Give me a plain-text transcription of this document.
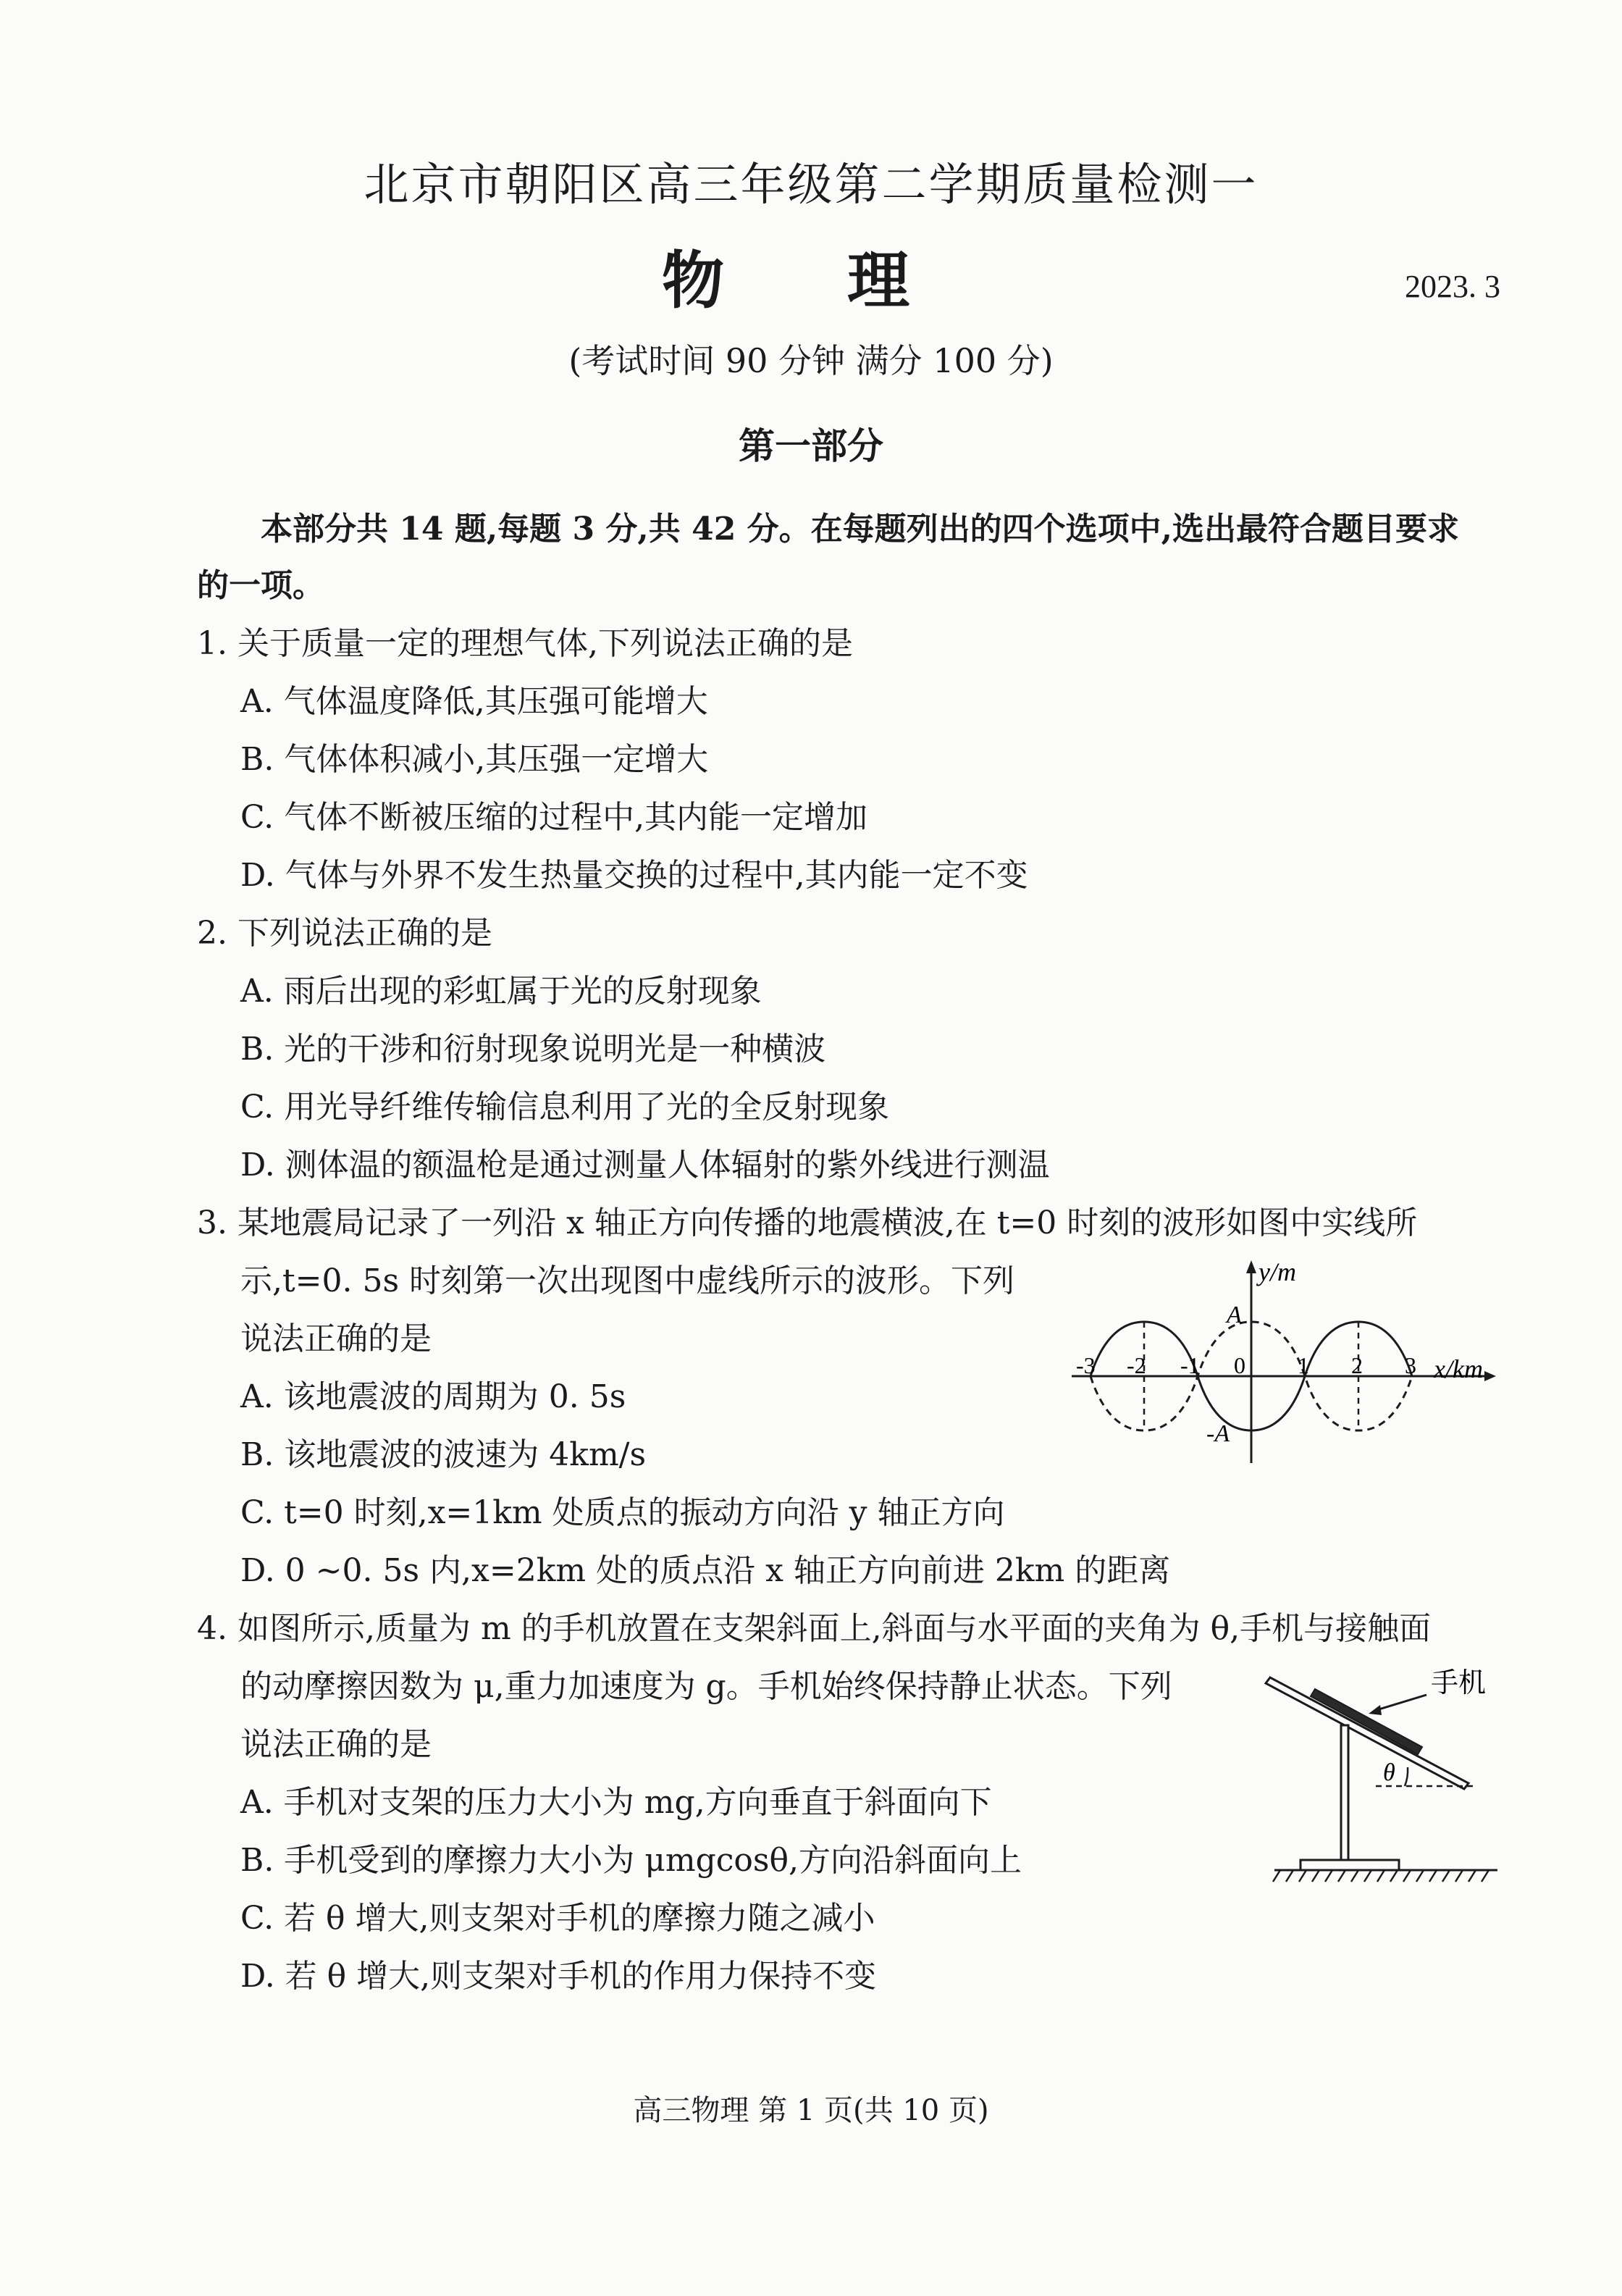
北京市朝阳区高三年级第二学期质量检测一
物 理	2023. 3
(考试时间 90 分钟 满分 100 分)
第一部分
本部分共 14 题,每题 3 分,共 42 分。在每题列出的四个选项中,选出最符合题目要求
的一项。
1. 关于质量一定的理想气体,下列说法正确的是
A. 气体温度降低,其压强可能增大
B. 气体体积减小,其压强一定增大
C. 气体不断被压缩的过程中,其内能一定增加
D. 气体与外界不发生热量交换的过程中,其内能一定不变
2. 下列说法正确的是
A. 雨后出现的彩虹属于光的反射现象
B. 光的干涉和衍射现象说明光是一种横波
C. 用光导纤维传输信息利用了光的全反射现象
D. 测体温的额温枪是通过测量人体辐射的紫外线进行测温
3. 某地震局记录了一列沿 x 轴正方向传播的地震横波,在 t=0 时刻的波形如图中实线所
示,t=0. 5s 时刻第一次出现图中虚线所示的波形。下列
说法正确的是
A. 该地震波的周期为 0. 5s
B. 该地震波的波速为 4km/s
C. t=0 时刻,x=1km 处质点的振动方向沿 y 轴正方向
D. 0 ~0. 5s 内,x=2km 处的质点沿 x 轴正方向前进 2km 的距离
y/m
A
-A
x/km
-3 -2 -1 0 1 2 3
4. 如图所示,质量为 m 的手机放置在支架斜面上,斜面与水平面的夹角为 θ,手机与接触面
的动摩擦因数为 μ,重力加速度为 g。手机始终保持静止状态。下列
说法正确的是
A. 手机对支架的压力大小为 mg,方向垂直于斜面向下
B. 手机受到的摩擦力大小为 μmgcosθ,方向沿斜面向上
C. 若 θ 增大,则支架对手机的摩擦力随之减小
D. 若 θ 增大,则支架对手机的作用力保持不变
手机
θ
高三物理 第 1 页(共 10 页)
